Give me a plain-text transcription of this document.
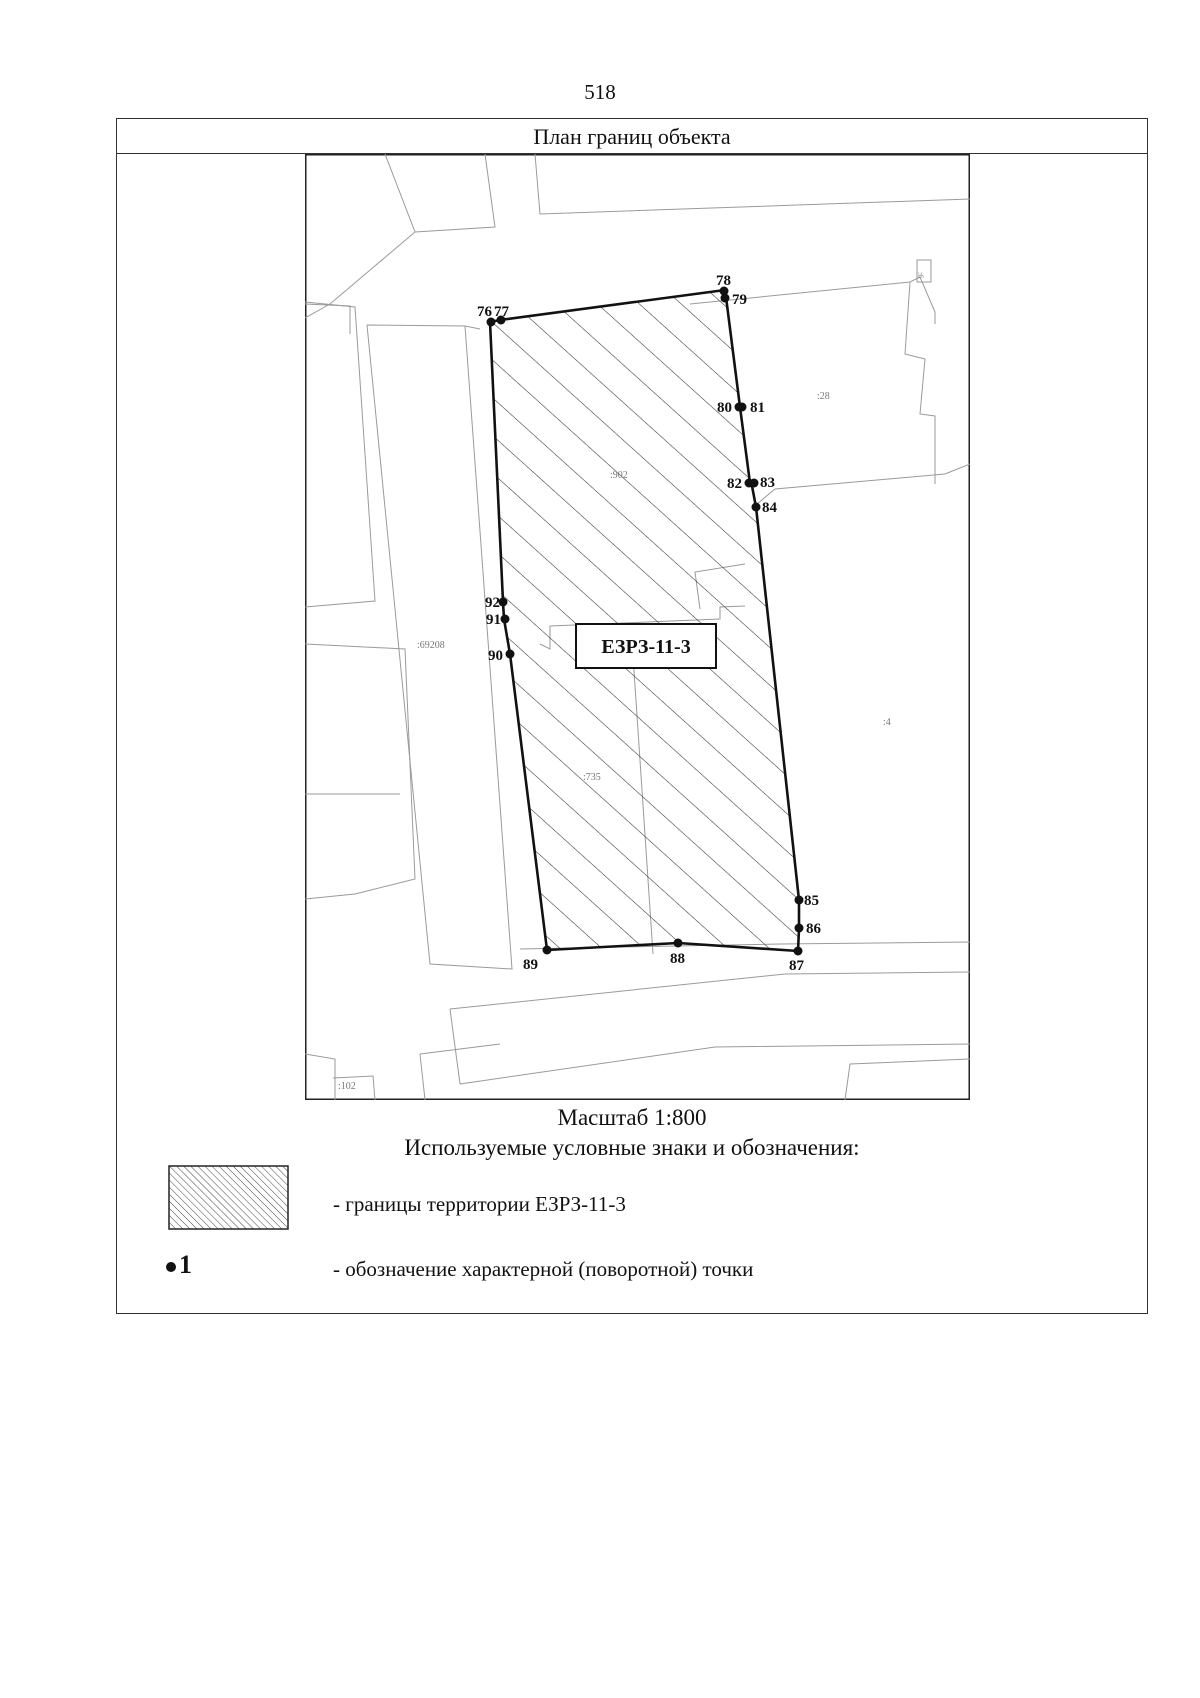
518
План границ объекта
:28
:902
:69208
:4
:735
:102
:6
ЕЗРЗ-11-3
76 77
78
79
80 81
82 83
84
85
86
87
88
89
90
91
92
Масштаб 1:800
Используемые условные знаки и обозначения:
- границы территории ЕЗРЗ-11-3
1	- обозначение характерной (поворотной) точки
